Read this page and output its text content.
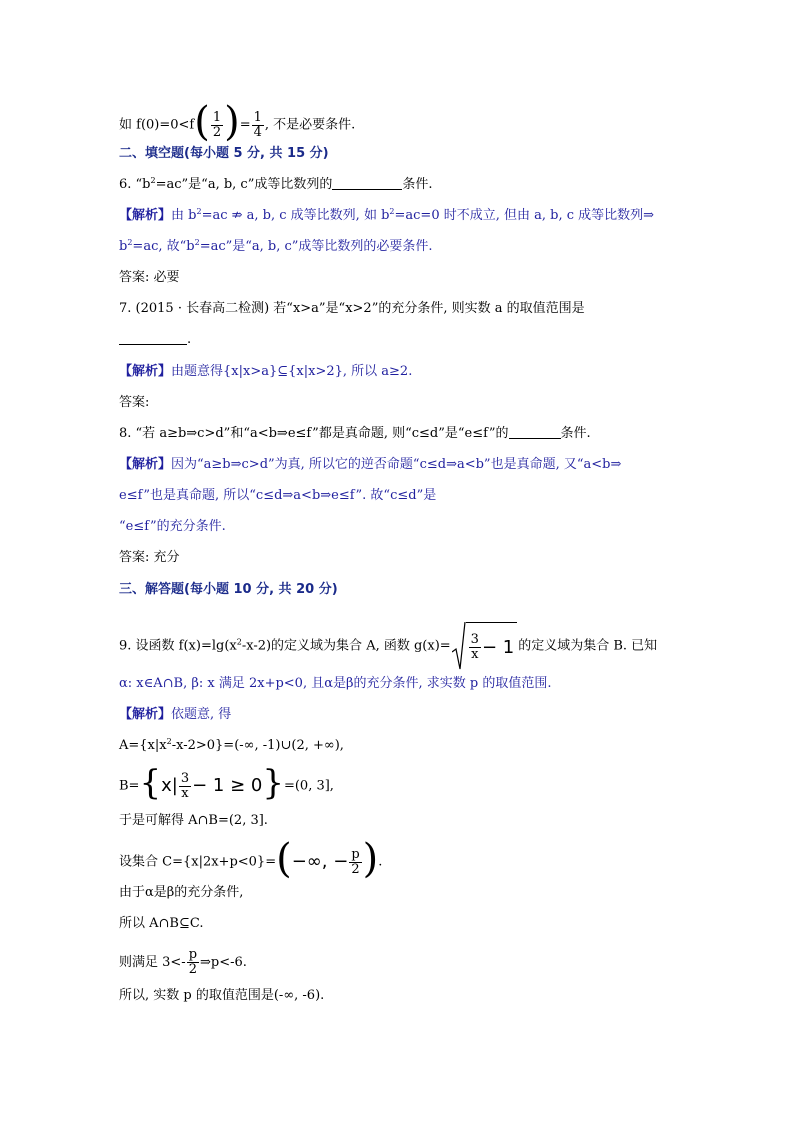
如 $f(0)=0<f( \frac{1}{2}$ )= $\frac{1}{4}$ , 不是必要条件.
二、填空题(每小题 5 分, 共 15 分)
6. “$b^2=ac$”是“a, b, c”成等比数列的	条件.
【解析】由 $b^2=ac$ ⇏ a, b, c 成等比数列, 如 $b^2=ac=0$ 时不成立, 但由 a, b, c 成等比数列⇒
$b^2=ac$, 故“$b^2=ac$”是“a, b, c”成等比数列的必要条件.
答案: 必要
7. (2015 · 长春高二检测) 若“x>a”是“x>2”的充分条件, 则实数 a 的取值范围是
.
【解析】由题意得{x|x>a}⊆{x|x>2}, 所以 a≥2.
答案:
8. “若 a≥b⇒c>d”和“a<b⇒e≤f”都是真命题, 则“c≤d”是“e≤f”的	条件.
【解析】因为“a≥b⇒c>d”为真, 所以它的逆否命题“c≤d⇒a<b”也是真命题, 又“a<b⇒
e≤f”也是真命题, 所以“c≤d⇒a<b⇒e≤f”. 故“c≤d”是
“e≤f”的充分条件.
答案: 充分
三、解答题(每小题 10 分, 共 20 分)
9. 设函数 $f(x)=\lg(x^2-x-2)$的定义域为集合 A, 函数 $g(x)= \frac{3}{x} - 1$ 的定义域为集合 B. 已知
α: x∈A∩B, β: x 满足 2x+p<0, 且α是β的充分条件, 求实数 p 的取值范围.
【解析】依题意, 得
$A=\{x|x^2-x-2>0\}=(-\infty$, -1)∪(2, +∞),
$B=\{x| \frac{3}{x} - 1 \ge 0\}=(0$, 3],
于是可解得 A∩B=(2, 3].
设集合 C={x|2x+p<0}=(−∞, − $\frac{p}{2}$ ).
由于α是β的充分条件,
所以 A∩B⊆C.
则满足 $3<- \frac{p}{2}$ ⇒p<-6.
所以, 实数 p 的取值范围是(-∞, -6).
